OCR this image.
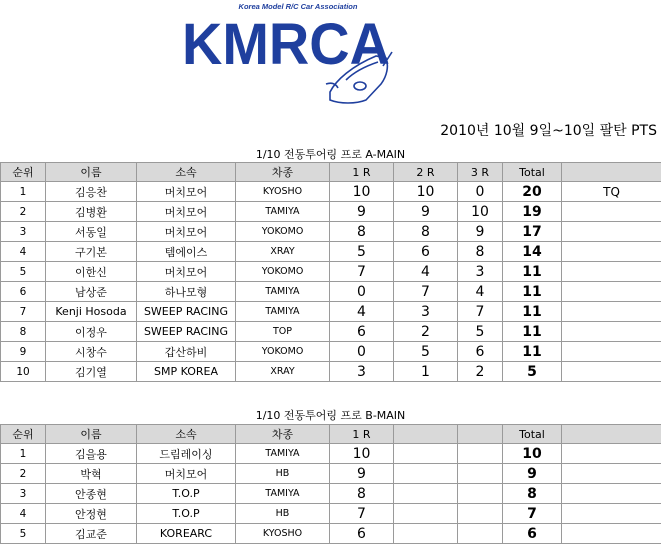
Korea Model R/C Car Association
KMRCA
2010년 10월 9일~10일 팔탄 PTS
1/10 전동투어링 프로 A-MAIN
순위	이름	소속	차종	1 R	2 R	3 R	Total	
1	김응찬	머치모어	KYOSHO	10	10	0	20	TQ
2	김병환	머치모어	TAMIYA	9	9	10	19	
3	서동일	머치모어	YOKOMO	8	8	9	17	
4	구기본	템에이스	XRAY	5	6	8	14	
5	이한신	머치모어	YOKOMO	7	4	3	11	
6	남상준	하나모형	TAMIYA	0	7	4	11	
7	Kenji Hosoda	SWEEP RACING	TAMIYA	4	3	7	11	
8	이정우	SWEEP RACING	TOP	6	2	5	11	
9	시창수	갑산하비	YOKOMO	0	5	6	11	
10	김기열	SMP KOREA	XRAY	3	1	2	5	
1/10 전동투어링 프로 B-MAIN
순위	이름	소속	차종	1 R			Total	
1	김을용	드림레이싱	TAMIYA	10			10	
2	박혁	머치모어	HB	9			9	
3	안종현	T.O.P	TAMIYA	8			8	
4	안정현	T.O.P	HB	7			7	
5	김교준	KOREARC	KYOSHO	6			6	
